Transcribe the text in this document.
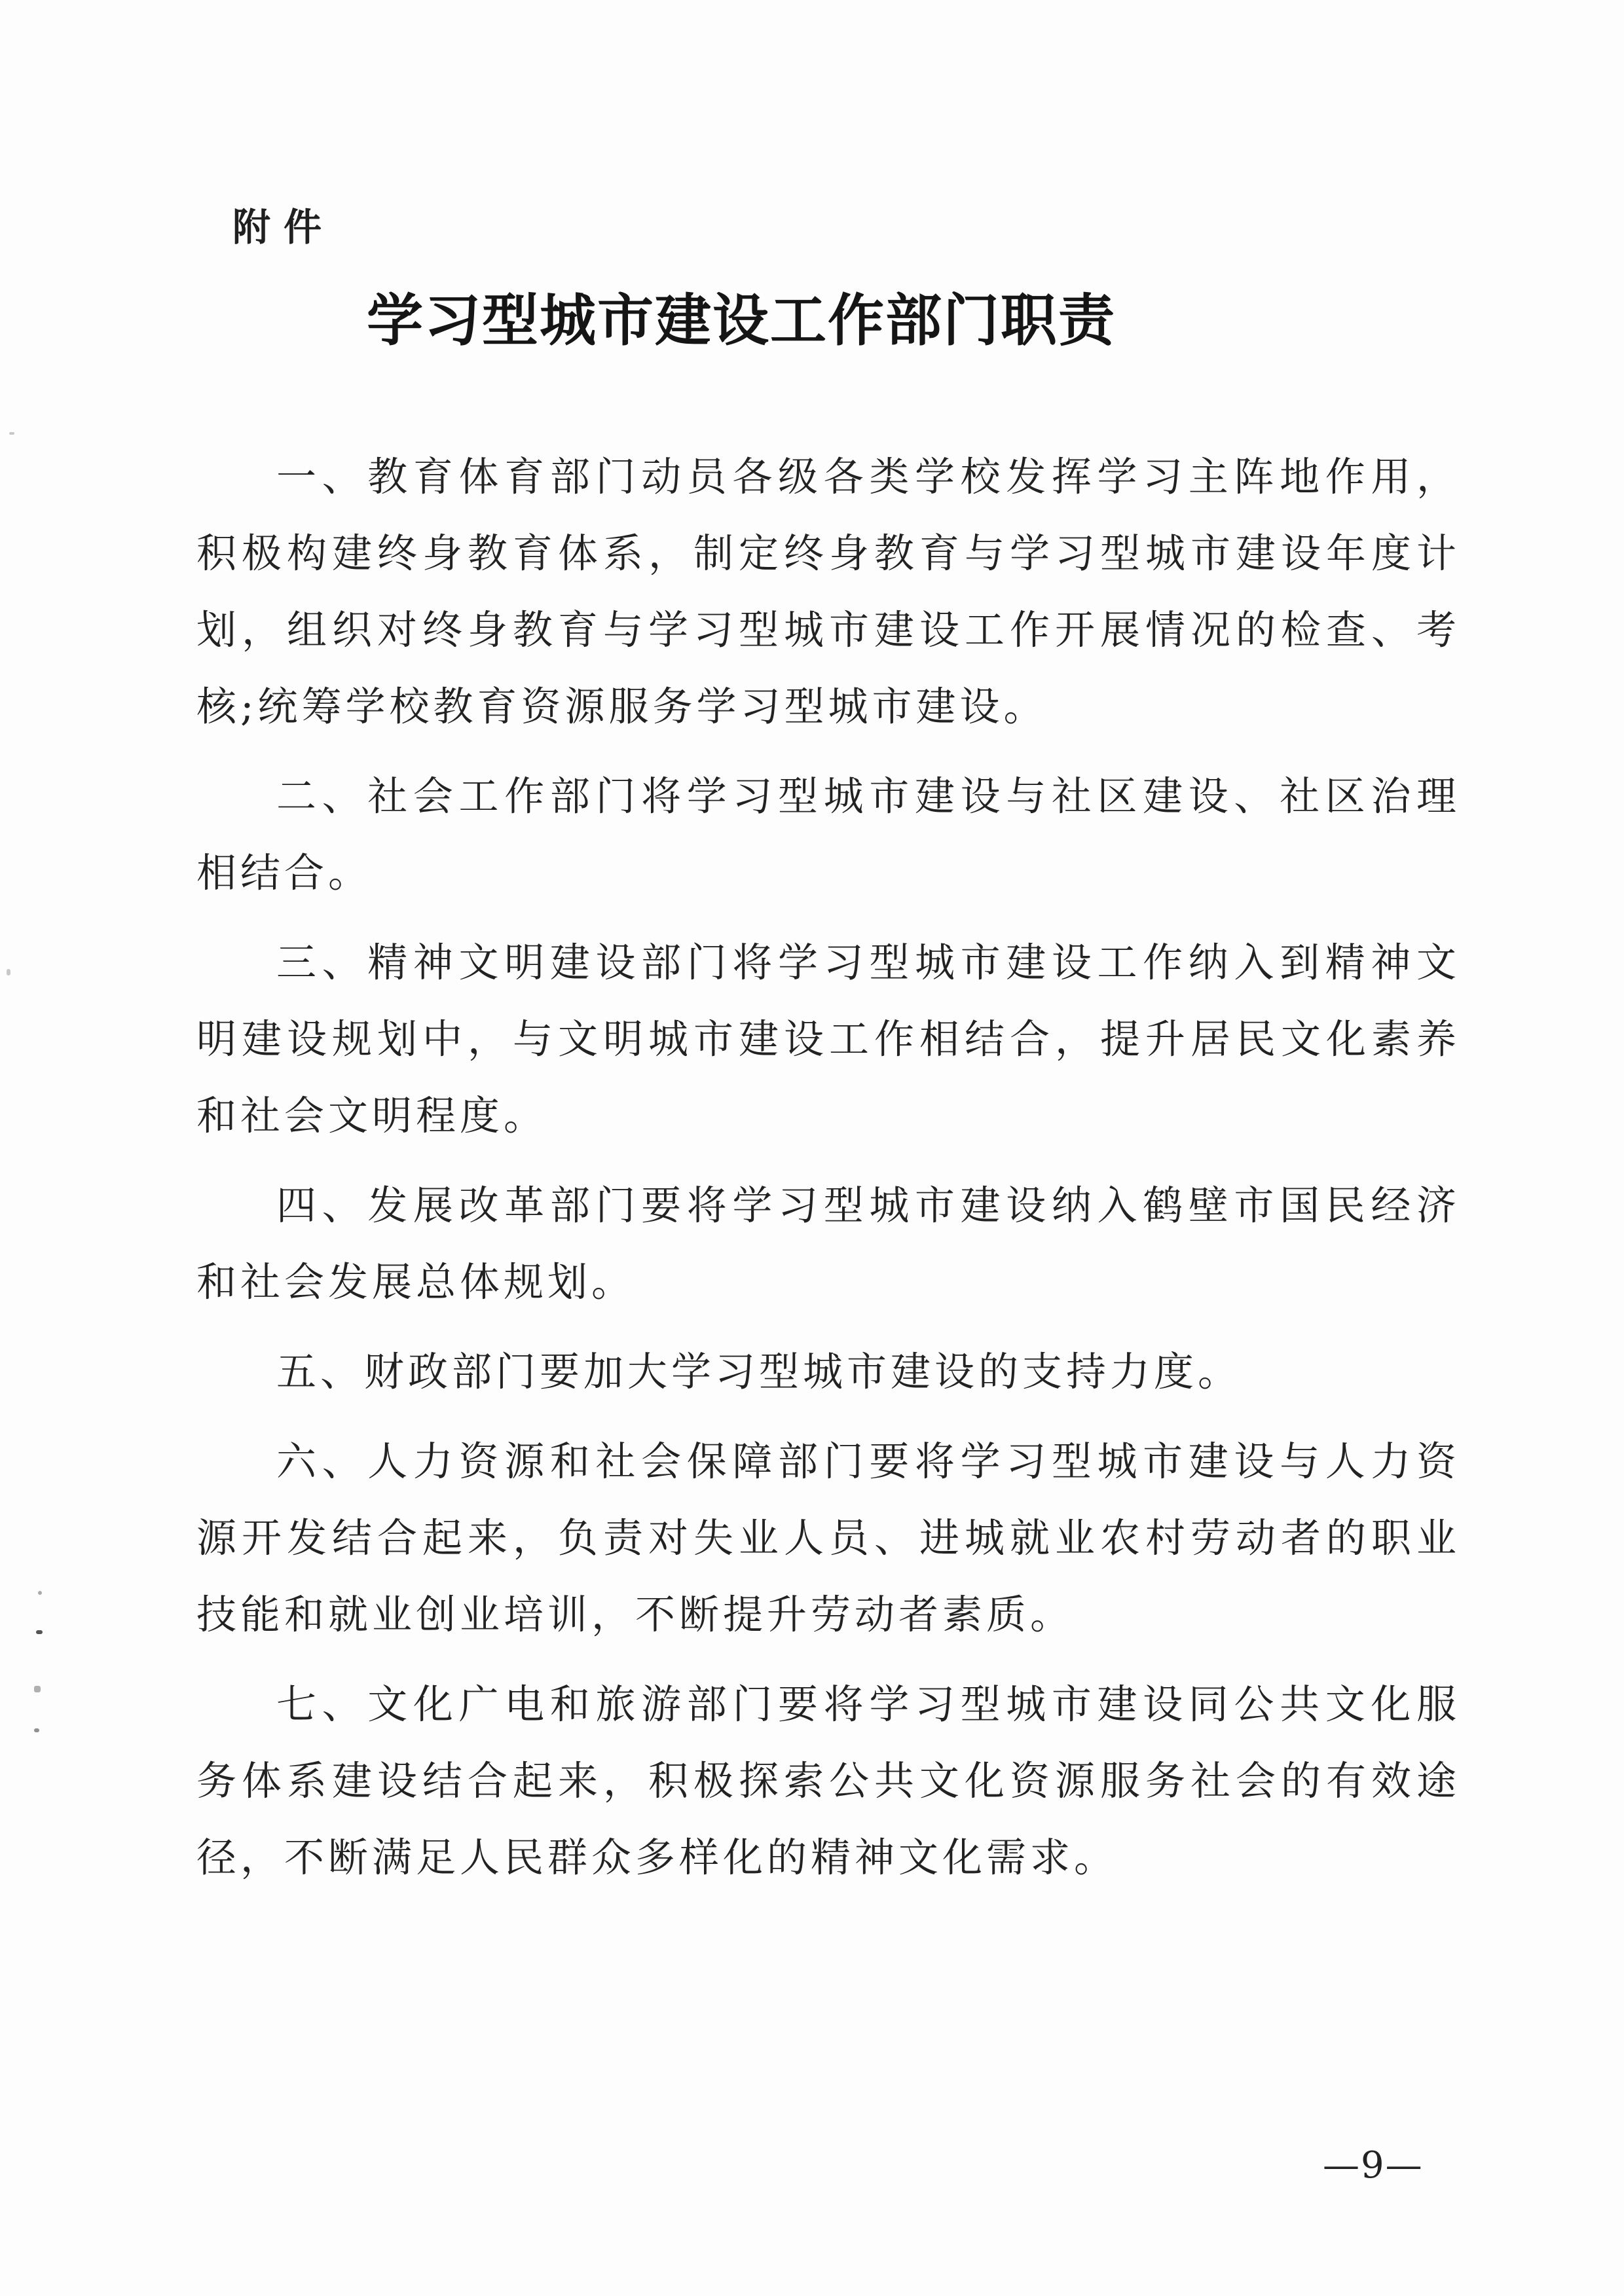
附件
学习型城市建设工作部门职责

一、教育体育部门动员各级各类学校发挥学习主阵地作用，积极构建终身教育体系，制定终身教育与学习型城市建设年度计划，组织对终身教育与学习型城市建设工作开展情况的检查、考核;统筹学校教育资源服务学习型城市建设。

二、社会工作部门将学习型城市建设与社区建设、社区治理相结合。

三、精神文明建设部门将学习型城市建设工作纳入到精神文明建设规划中，与文明城市建设工作相结合，提升居民文化素养和社会文明程度。

四、发展改革部门要将学习型城市建设纳入鹤壁市国民经济和社会发展总体规划。

五、财政部门要加大学习型城市建设的支持力度。

六、人力资源和社会保障部门要将学习型城市建设与人力资源开发结合起来，负责对失业人员、进城就业农村劳动者的职业技能和就业创业培训，不断提升劳动者素质。

七、文化广电和旅游部门要将学习型城市建设同公共文化服务体系建设结合起来，积极探索公共文化资源服务社会的有效途径，不断满足人民群众多样化的精神文化需求。

—9—
